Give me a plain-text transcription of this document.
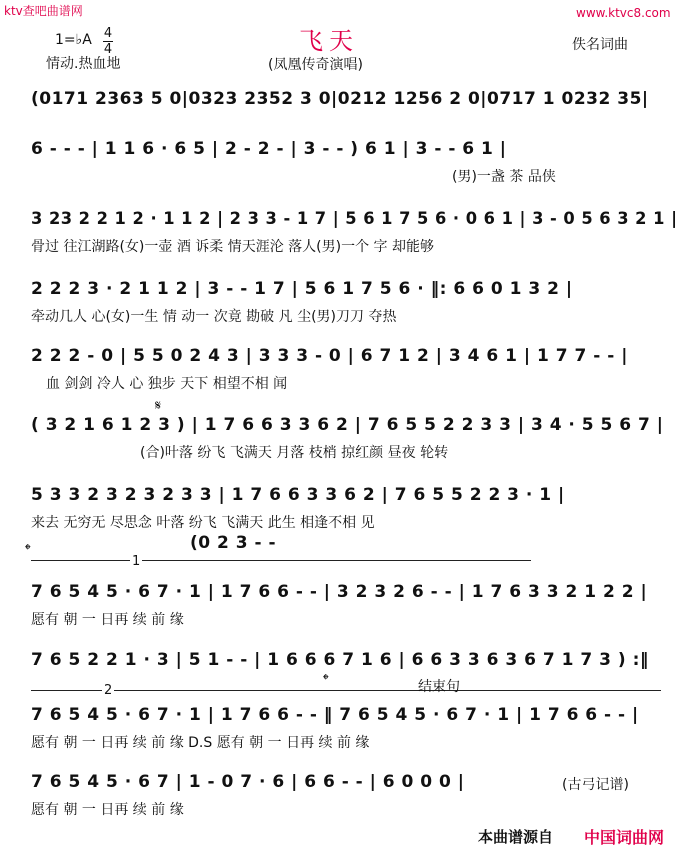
ktv查吧曲谱网	www.ktvc8.com
飞天
1=♭A 4
4
情动.热血地
佚名词曲
(凤凰传奇演唱)
(0171 2363 5 0|0323 2352 3 0|0212 1256 2 0|0717 1 0232 35|
6 - - - | 1 1 6 · 6 5 | 2 - 2 - | 3 - - ) 6 1 | 3 - - 6 1 |
(男)一盏 茶 品侠
3 23 2 2 1 2 · 1 1 2 | 2 3 3 - 1 7 | 5 6 1 7 5 6 · 0 6 1 | 3 - 0 5 6 3 2 1 |
骨过 往江湖路(女)一壶 酒 诉柔 情天涯沦 落人(男)一个 字 却能够
2 2 2 3 · 2 1 1 2 | 3 - - 1 7 | 5 6 1 7 5 6 · ‖: 6 6 0 1 3 2 |
牵动几人 心(女)一生 情 动一 次竟 勘破 凡 尘(男)刀刀 夺热
2 2 2 - 0 | 5 5 0 2 4 3 | 3 3 3 - 0 | 6 7 1 2 | 3 4 6 1 | 1 7 7 - - |
血 剑剑 冷人 心 独步 天下 相望不相 闻
𝄋
( 3 2 1 6 1 2 3 ) | 1 7 6 6 3 3 6 2 | 7 6 5 5 2 2 3 3 | 3 4 · 5 5 6 7 |
(合)叶落 纷飞 飞满天 月落 枝梢 掠红颜 昼夜 轮转
5 3 3 2 3 2 3 2 3 3 | 1 7 6 6 3 3 6 2 | 7 6 5 5 2 2 3 · 1 |
来去 无穷无 尽思念 叶落 纷飞 飞满天 此生 相逢不相 见
𝄌	(0 2 3 - -
1
7 6 5 4 5 · 6 7 · 1 | 1 7 6 6 - - | 3 2 3 2 6 - - | 1 7 6 3 3 2 1 2 2 |
愿有 朝 一 日再 续 前 缘
7 6 5 2 2 1 · 3 | 5 1 - - | 1 6 6 6 7 1 6 | 6 6 3 3 6 3 6 7 1 7 3 ) :‖
2
𝄌	结束句
7 6 5 4 5 · 6 7 · 1 | 1 7 6 6 - - ‖ 7 6 5 4 5 · 6 7 · 1 | 1 7 6 6 - - |
愿有 朝 一 日再 续 前 缘 D.S 愿有 朝 一 日再 续 前 缘
7 6 5 4 5 · 6 7 | 1 - 0 7 · 6 | 6 6 - - | 6 0 0 0 |
愿有 朝 一 日再 续 前 缘
(古弓记谱)
本曲谱源自 中国词曲网
